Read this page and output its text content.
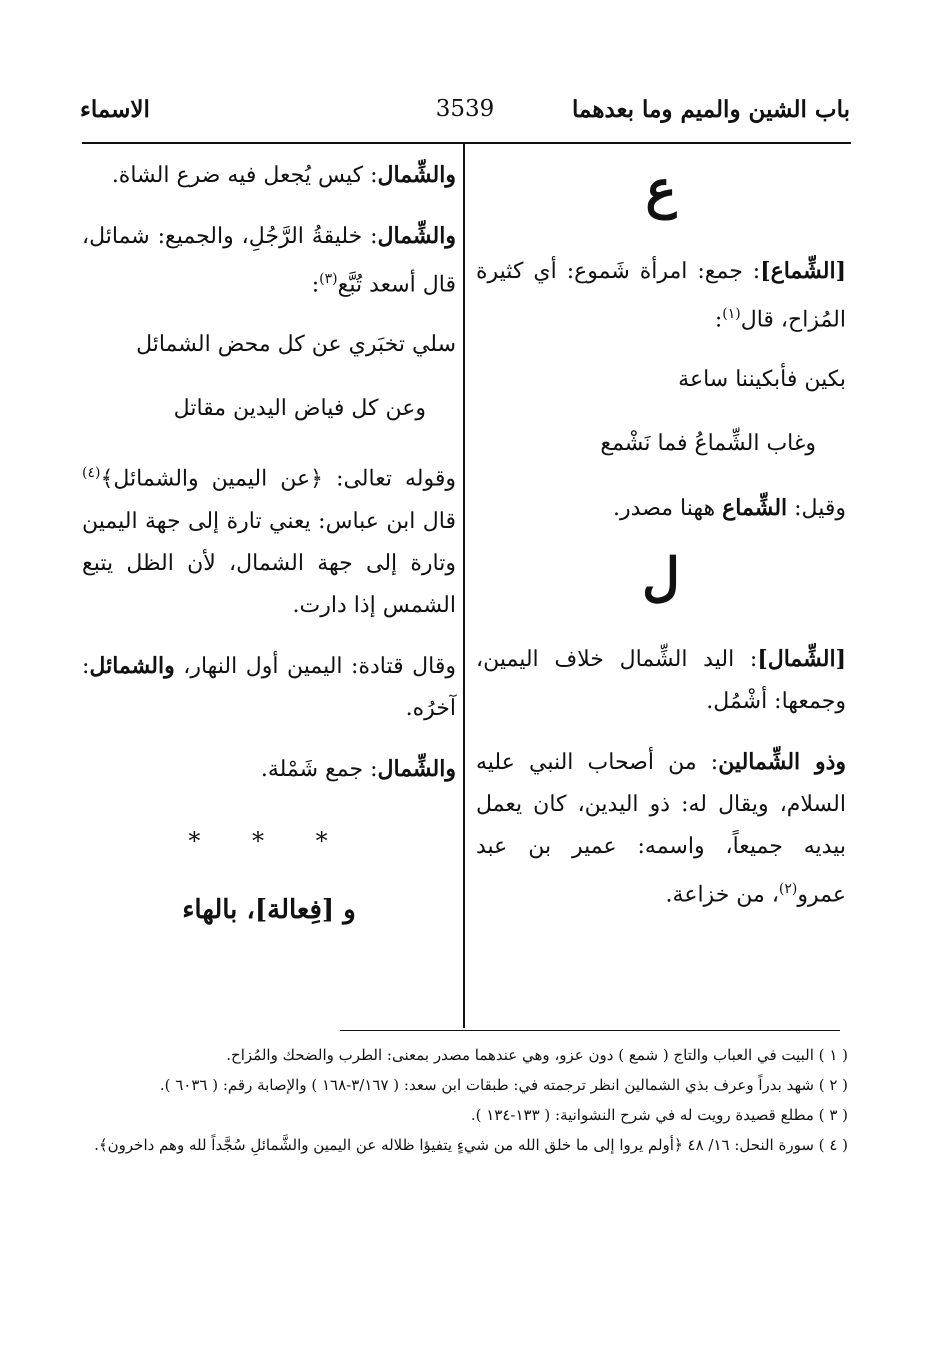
باب الشين والميم وما بعدهما
3539
الاسماء
ع

[الشِّماع]: جمع: امرأة شَموع: أي كثيرة المُزاح، قال$^{(١)}$:

بكين فأبكيننا ساعة
وغاب الشِّماعُ فما نَشْمع

وقيل: الشِّماع ههنا مصدر.

ل

[الشِّمال]: اليد الشِّمال خلاف اليمين، وجمعها: أشْمُل.

وذو الشِّمالين: من أصحاب النبي عليه السلام، ويقال له: ذو اليدين، كان يعمل بيديه جميعاً، واسمه: عمير بن عبد عمرو$^{(٢)}$، من خزاعة.

والشِّمال: كيس يُجعل فيه ضرع الشاة.

والشِّمال: خليقةُ الرَّجُلِ، والجميع: شمائل، قال أسعد تُبَّع$^{(٣)}$:

سلي تخبَري عن كل محض الشمائل
وعن كل فياض اليدين مقاتل

وقوله تعالى: ﴿عن اليمين والشمائل﴾$^{(٤)}$ قال ابن عباس: يعني تارة إلى جهة اليمين وتارة إلى جهة الشمال، لأن الظل يتبع الشمس إذا دارت.

وقال قتادة: اليمين أول النهار، والشمائل: آخرُه.

والشِّمال: جمع شَمْلة.

* * *
و [فِعالة]، بالهاء

( ١ ) البيت في العباب والتاج ( شمع ) دون عزو، وهي عندهما مصدر بمعنى: الطرب والضحك والمُزاح.

( ٢ ) شهد بدراً وعرف بذي الشمالين انظر ترجمته في: طبقات ابن سعد: ( ٣/١٦٧-١٦٨ ) والإصابة رقم: ( ٦٠٣٦ ).

( ٣ ) مطلع قصيدة رويت له في شرح النشوانية: ( ١٣٣-١٣٤ ).

( ٤ ) سورة النحل: ١٦/ ٤٨ ﴿أولم يروا إلى ما خلق الله من شيءٍ يتفيؤا ظلاله عن اليمين والشَّمائلِ سُجَّداً لله وهم داخرون﴾.
